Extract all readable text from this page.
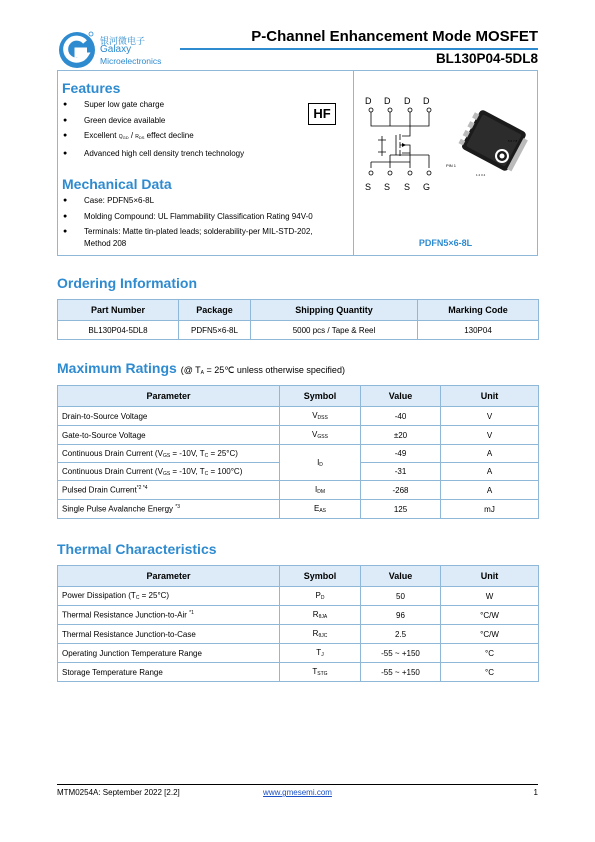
银河微电子
Galaxy
Microelectronics
P-Channel Enhancement Mode MOSFET
BL130P04-5DL8
Features
● Super low gate charge
● Green device available
● Excellent $Q_{GD} / R_{DS}$ effect decline
● Advanced high cell density trench technology
HF
Mechanical Data
● Case: PDFN5×6-8L
● Molding Compound: UL Flammability Classification Rating 94V-0
● Terminals: Matte tin-plated leads; solderability-per MIL-STD-202,
Method 208
D D D D
S S S G
5 6 7 8
1 2 3 4
PIN 1
PDFN5×6-8L
Ordering Information
Part Number	Package	Shipping Quantity	Marking Code
BL130P04-5DL8	PDFN5×6-8L	5000 pcs / Tape & Reel	130P04
Maximum Ratings (@ $T_A$ = 25℃ unless otherwise specified)
Parameter	Symbol	Value	Unit
Drain-to-Source Voltage	$V_{DSS}$	-40	V
Gate-to-Source Voltage	$V_{GSS}$	±20	V
Continuous Drain Current ($V_{GS} = -10V$, $T_C = 25^\circ C$)	$I_D$	-49	A
Continuous Drain Current ($V_{GS} = -10V$, $T_C = 100^\circ C$)		-31	A
Pulsed Drain Current$^{*2 *4}$	$I_{DM}$	-268	A
Single Pulse Avalanche Energy $^{*3}$	$E_{AS}$	125	mJ
Thermal Characteristics
Parameter	Symbol	Value	Unit
Power Dissipation $(T_C = 25^\circ C)$	$P_D$	50	W
Thermal Resistance Junction-to-Air $^{*1}$	$R_{\theta JA}$	96	°C/W
Thermal Resistance Junction-to-Case	$R_{\theta JC}$	2.5	°C/W
Operating Junction Temperature Range	$T_J$	-55 ~ +150	°C
Storage Temperature Range	$T_{STG}$	-55 ~ +150	°C
MTM0254A: September 2022 [2.2]	www.gmesemi.com	1
